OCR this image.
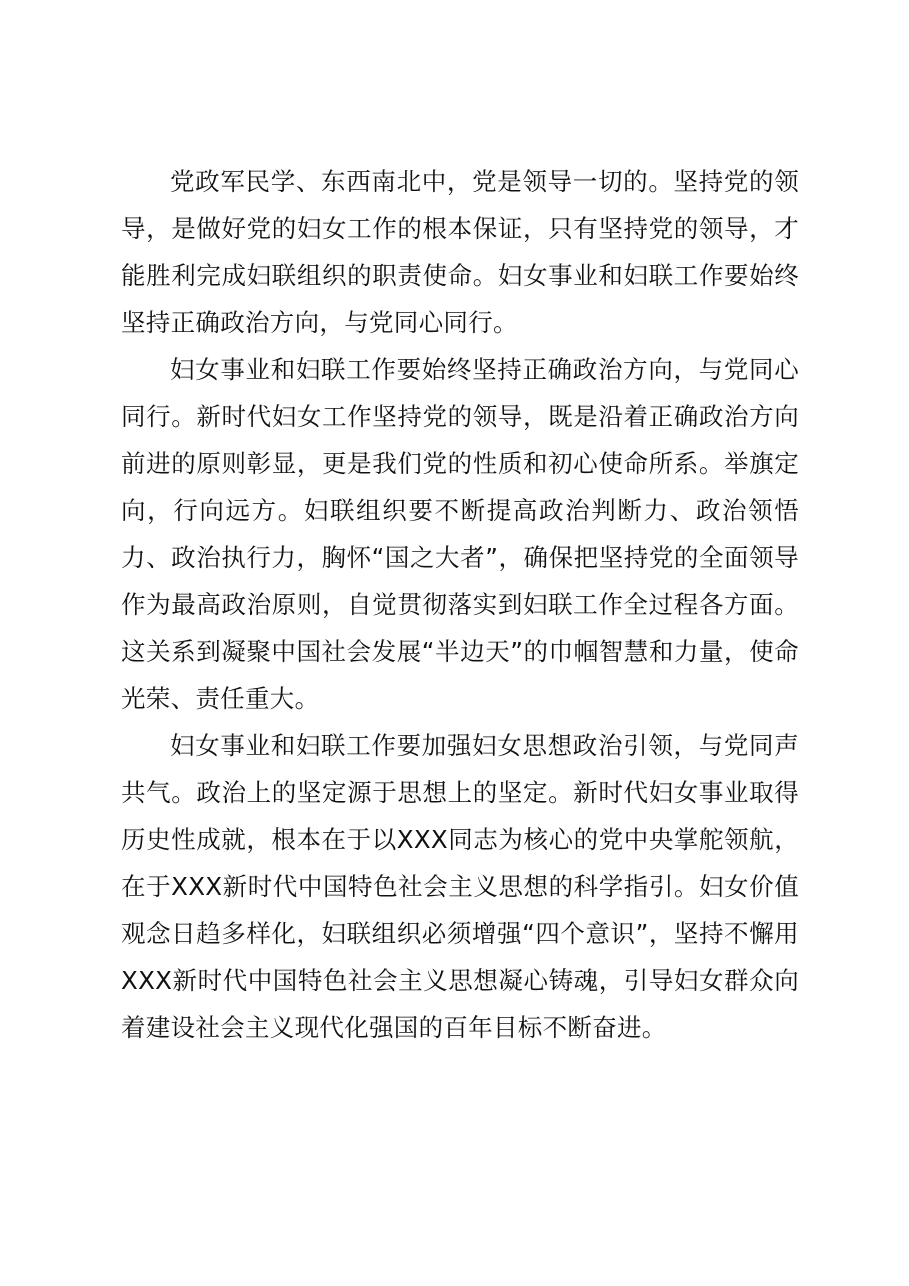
党政军民学、东西南北中，党是领导一切的。坚持党的领导，是做好党的妇女工作的根本保证，只有坚持党的领导，才能胜利完成妇联组织的职责使命。妇女事业和妇联工作要始终坚持正确政治方向，与党同心同行。

妇女事业和妇联工作要始终坚持正确政治方向，与党同心同行。新时代妇女工作坚持党的领导，既是沿着正确政治方向前进的原则彰显，更是我们党的性质和初心使命所系。举旗定向，行向远方。妇联组织要不断提高政治判断力、政治领悟力、政治执行力，胸怀“国之大者”，确保把坚持党的全面领导作为最高政治原则，自觉贯彻落实到妇联工作全过程各方面。这关系到凝聚中国社会发展“半边天”的巾帼智慧和力量，使命光荣、责任重大。

妇女事业和妇联工作要加强妇女思想政治引领，与党同声共气。政治上的坚定源于思想上的坚定。新时代妇女事业取得历史性成就，根本在于以XXX同志为核心的党中央掌舵领航，在于XXX新时代中国特色社会主义思想的科学指引。妇女价值观念日趋多样化，妇联组织必须增强“四个意识”，坚持不懈用XXX新时代中国特色社会主义思想凝心铸魂，引导妇女群众向着建设社会主义现代化强国的百年目标不断奋进。
